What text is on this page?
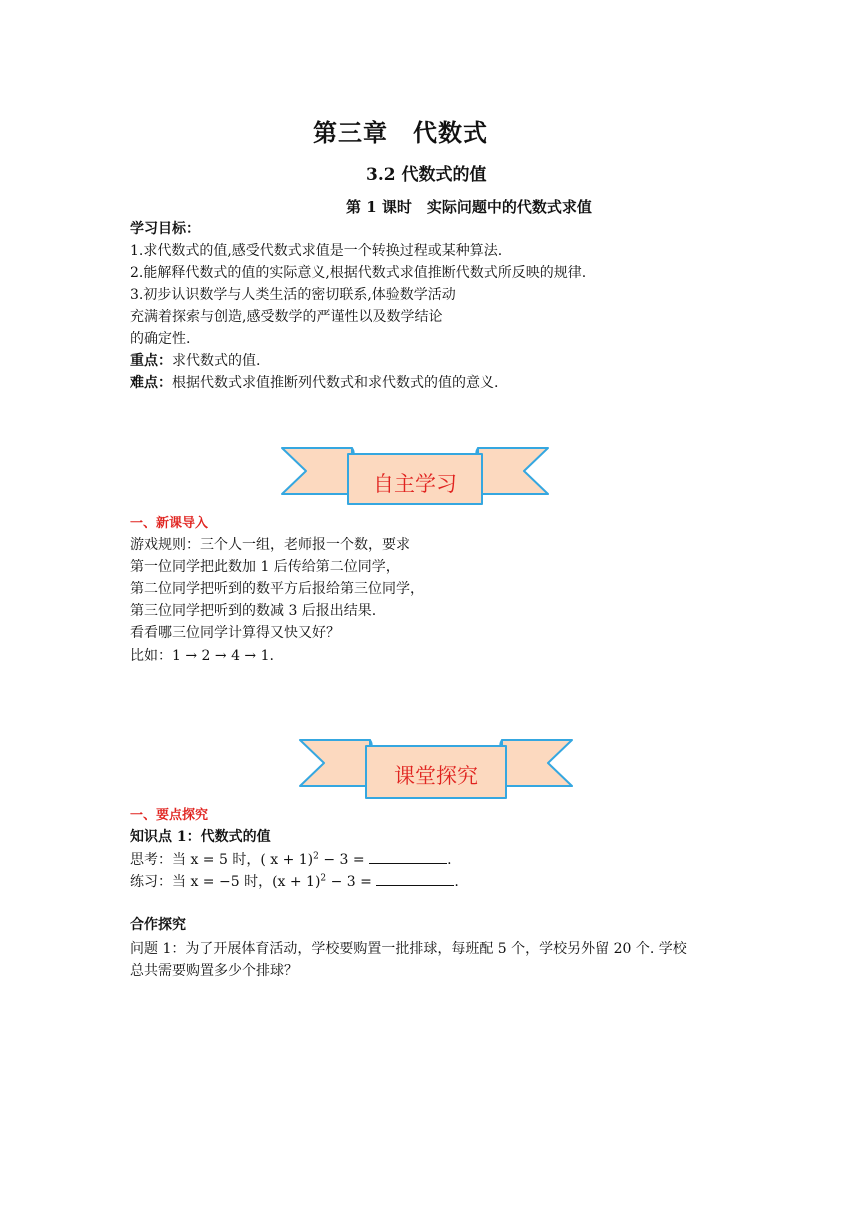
第三章　代数式
3.2 代数式的值
第 1 课时　实际问题中的代数式求值
学习目标：
1.求代数式的值,感受代数式求值是一个转换过程或某种算法.
2.能解释代数式的值的实际意义,根据代数式求值推断代数式所反映的规律.
3.初步认识数学与人类生活的密切联系,体验数学活动
充满着探索与创造,感受数学的严谨性以及数学结论
的确定性.
重点：求代数式的值.
难点：根据代数式求值推断列代数式和求代数式的值的意义.
自主学习
一、新课导入
游戏规则：三个人一组，老师报一个数，要求
第一位同学把此数加 1 后传给第二位同学，
第二位同学把听到的数平方后报给第三位同学，
第三位同学把听到的数减 3 后报出结果.
看看哪三位同学计算得又快又好？
比如：1 → 2 → 4 → 1.
课堂探究
一、要点探究
知识点 1：代数式的值
思考：当 x = 5 时，( x + 1)$^2$ − 3 =	.
练习：当 x = −5 时，$(x + 1)^2 - 3$ =	.
合作探究
问题 1：为了开展体育活动，学校要购置一批排球，每班配 5 个，学校另外留 20 个. 学校
总共需要购置多少个排球？
